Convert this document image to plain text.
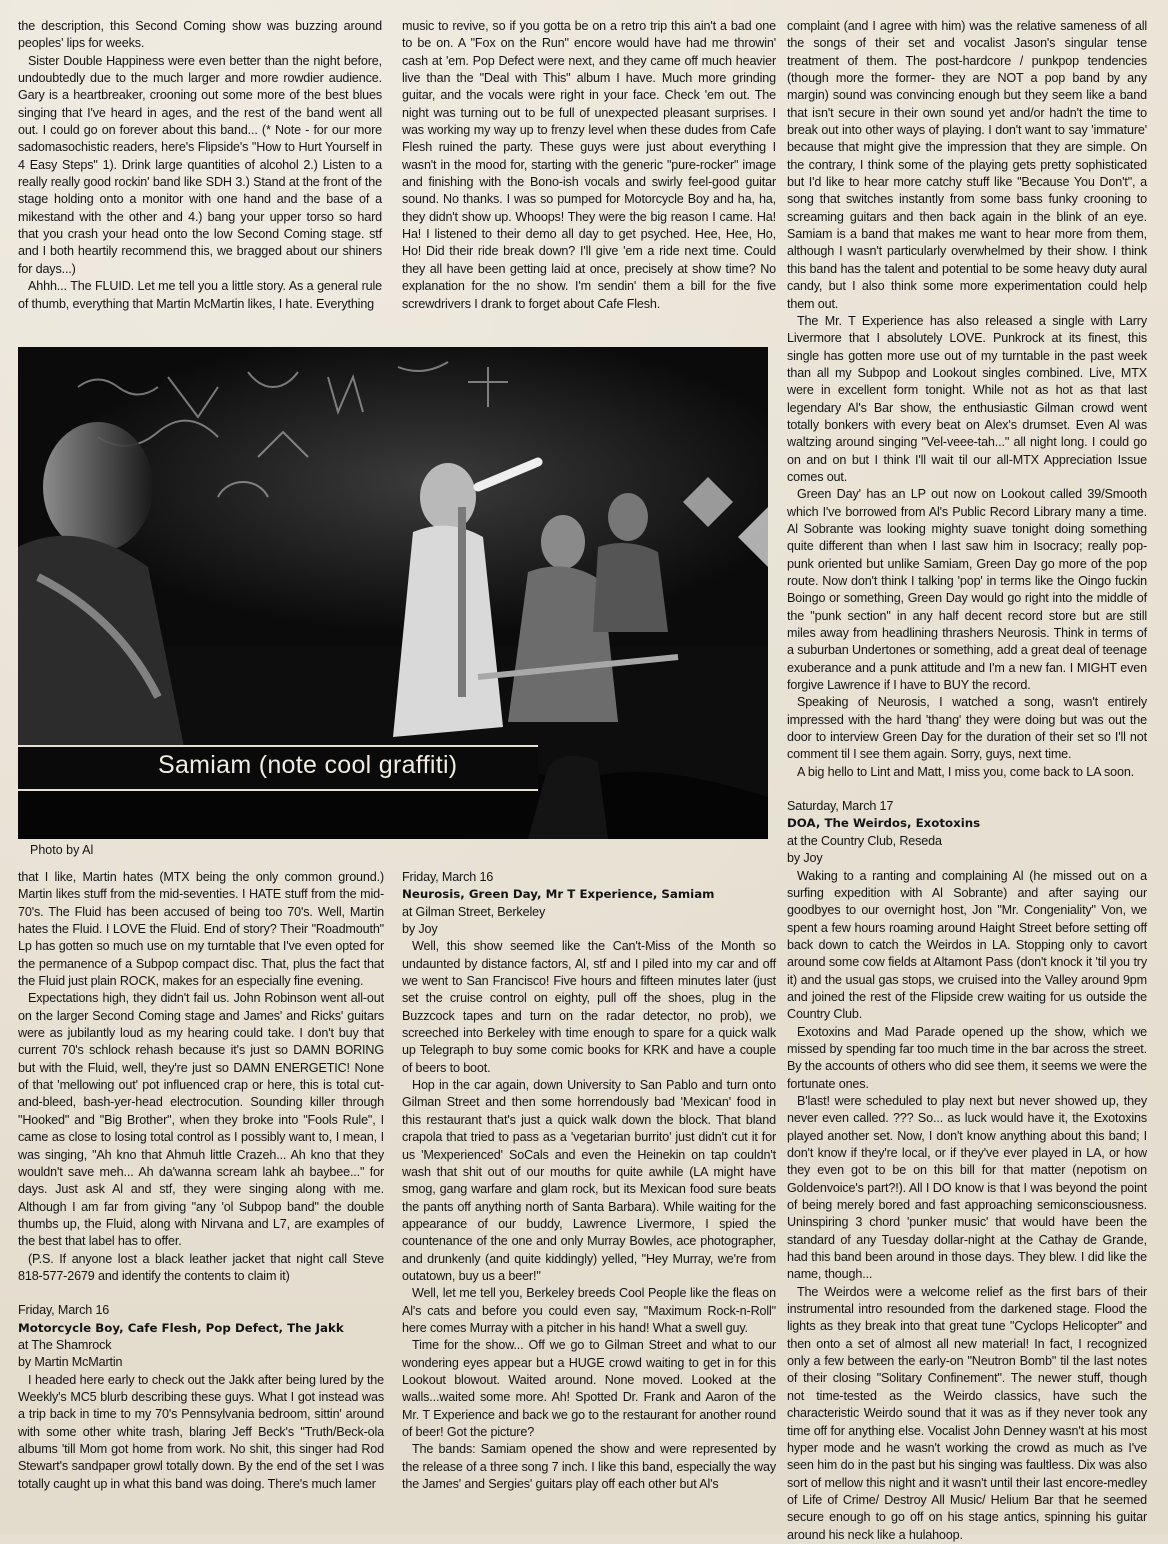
the description, this Second Coming show was buzzing around peoples' lips for weeks.

Sister Double Happiness were even better than the night before, undoubtedly due to the much larger and more rowdier audience. Gary is a heartbreaker, crooning out some more of the best blues singing that I've heard in ages, and the rest of the band went all out. I could go on forever about this band... (* Note - for our more sadomasochistic readers, here's Flipside's "How to Hurt Yourself in 4 Easy Steps" 1). Drink large quantities of alcohol 2.) Listen to a really really good rockin' band like SDH 3.) Stand at the front of the stage holding onto a monitor with one hand and the base of a mikestand with the other and 4.) bang your upper torso so hard that you crash your head onto the low Second Coming stage. stf and I both heartily recommend this, we bragged about our shiners for days...)

Ahhh... The FLUID. Let me tell you a little story. As a general rule of thumb, everything that Martin McMartin likes, I hate. Everything

music to revive, so if you gotta be on a retro trip this ain't a bad one to be on. A "Fox on the Run" encore would have had me throwin' cash at 'em. Pop Defect were next, and they came off much heavier live than the "Deal with This" album I have. Much more grinding guitar, and the vocals were right in your face. Check 'em out. The night was turning out to be full of unexpected pleasant surprises. I was working my way up to frenzy level when these dudes from Cafe Flesh ruined the party. These guys were just about everything I wasn't in the mood for, starting with the generic "pure-rocker" image and finishing with the Bono-ish vocals and swirly feel-good guitar sound. No thanks. I was so pumped for Motorcycle Boy and ha, ha, they didn't show up. Whoops! They were the big reason I came. Ha! Ha! I listened to their demo all day to get psyched. Hee, Hee, Ho, Ho! Did their ride break down? I'll give 'em a ride next time. Could they all have been getting laid at once, precisely at show time? No explanation for the no show. I'm sendin' them a bill for the five screwdrivers I drank to forget about Cafe Flesh.

complaint (and I agree with him) was the relative sameness of all the songs of their set and vocalist Jason's singular tense treatment of them. The post-hardcore / punkpop tendencies (though more the former- they are NOT a pop band by any margin) sound was convincing enough but they seem like a band that isn't secure in their own sound yet and/or hadn't the time to break out into other ways of playing. I don't want to say 'immature' because that might give the impression that they are simple. On the contrary, I think some of the playing gets pretty sophisticated but I'd like to hear more catchy stuff like "Because You Don't", a song that switches instantly from some bass funky crooning to screaming guitars and then back again in the blink of an eye. Samiam is a band that makes me want to hear more from them, although I wasn't particularly overwhelmed by their show. I think this band has the talent and potential to be some heavy duty aural candy, but I also think some more experimentation could help them out.

The Mr. T Experience has also released a single with Larry Livermore that I absolutely LOVE. Punkrock at its finest, this single has gotten more use out of my turntable in the past week than all my Subpop and Lookout singles combined. Live, MTX were in excellent form tonight. While not as hot as that last legendary Al's Bar show, the enthusiastic Gilman crowd went totally bonkers with every beat on Alex's drumset. Even Al was waltzing around singing "Vel-veee-tah..." all night long. I could go on and on but I think I'll wait til our all-MTX Appreciation Issue comes out.

Green Day' has an LP out now on Lookout called 39/Smooth which I've borrowed from Al's Public Record Library many a time. Al Sobrante was looking mighty suave tonight doing something quite different than when I last saw him in Isocracy; really pop-punk oriented but unlike Samiam, Green Day go more of the pop route. Now don't think I talking 'pop' in terms like the Oingo fuckin Boingo or something, Green Day would go right into the middle of the "punk section" in any half decent record store but are still miles away from headlining thrashers Neurosis. Think in terms of a suburban Undertones or something, add a great deal of teenage exuberance and a punk attitude and I'm a new fan. I MIGHT even forgive Lawrence if I have to BUY the record.

Speaking of Neurosis, I watched a song, wasn't entirely impressed with the hard 'thang' they were doing but was out the door to interview Green Day for the duration of their set so I'll not comment til I see them again. Sorry, guys, next time.

A big hello to Lint and Matt, I miss you, come back to LA soon.

Saturday, March 17

DOA, The Weirdos, Exotoxins

at the Country Club, Reseda

by Joy

Waking to a ranting and complaining Al (he missed out on a surfing expedition with Al Sobrante) and after saying our goodbyes to our overnight host, Jon "Mr. Congeniality" Von, we spent a few hours roaming around Haight Street before setting off back down to catch the Weirdos in LA. Stopping only to cavort around some cow fields at Altamont Pass (don't knock it 'til you try it) and the usual gas stops, we cruised into the Valley around 9pm and joined the rest of the Flipside crew waiting for us outside the Country Club.

Exotoxins and Mad Parade opened up the show, which we missed by spending far too much time in the bar across the street. By the accounts of others who did see them, it seems we were the fortunate ones.

B'last! were scheduled to play next but never showed up, they never even called. ??? So... as luck would have it, the Exotoxins played another set. Now, I don't know anything about this band; I don't know if they're local, or if they've ever played in LA, or how they even got to be on this bill for that matter (nepotism on Goldenvoice's part?!). All I DO know is that I was beyond the point of being merely bored and fast approaching semiconsciousness. Uninspiring 3 chord 'punker music' that would have been the standard of any Tuesday dollar-night at the Cathay de Grande, had this band been around in those days. They blew. I did like the name, though...

The Weirdos were a welcome relief as the first bars of their instrumental intro resounded from the darkened stage. Flood the lights as they break into that great tune "Cyclops Helicopter" and then onto a set of almost all new material! In fact, I recognized only a few between the early-on "Neutron Bomb" til the last notes of their closing "Solitary Confinement". The newer stuff, though not time-tested as the Weirdo classics, have such the characteristic Weirdo sound that it was as if they never took any time off for anything else. Vocalist John Denney wasn't at his most hyper mode and he wasn't working the crowd as much as I've seen him do in the past but his singing was faultless. Dix was also sort of mellow this night and it wasn't until their last encore-medley of Life of Crime/ Destroy All Music/ Helium Bar that he seemed secure enough to go off on his stage antics, spinning his guitar around his neck like a hulahoop.

Samiam (note cool graffiti)
Photo by Al

that I like, Martin hates (MTX being the only common ground.) Martin likes stuff from the mid-seventies. I HATE stuff from the mid-70's. The Fluid has been accused of being too 70's. Well, Martin hates the Fluid. I LOVE the Fluid. End of story? Their "Roadmouth" Lp has gotten so much use on my turntable that I've even opted for the permanence of a Subpop compact disc. That, plus the fact that the Fluid just plain ROCK, makes for an especially fine evening.

Expectations high, they didn't fail us. John Robinson went all-out on the larger Second Coming stage and James' and Ricks' guitars were as jubilantly loud as my hearing could take. I don't buy that current 70's schlock rehash because it's just so DAMN BORING but with the Fluid, well, they're just so DAMN ENERGETIC! None of that 'mellowing out' pot influenced crap or here, this is total cut-and-bleed, bash-yer-head electrocution. Sounding killer through "Hooked" and "Big Brother", when they broke into "Fools Rule", I came as close to losing total control as I possibly want to, I mean, I was singing, "Ah kno that Ahmuh little Crazeh... Ah kno that they wouldn't save meh... Ah da'wanna scream lahk ah baybee..." for days. Just ask Al and stf, they were singing along with me. Although I am far from giving "any 'ol Subpop band" the double thumbs up, the Fluid, along with Nirvana and L7, are examples of the best that label has to offer.

(P.S. If anyone lost a black leather jacket that night call Steve 818-577-2679 and identify the contents to claim it)

Friday, March 16

Motorcycle Boy, Cafe Flesh, Pop Defect, The Jakk

at The Shamrock

by Martin McMartin

I headed here early to check out the Jakk after being lured by the Weekly's MC5 blurb describing these guys. What I got instead was a trip back in time to my 70's Pennsylvania bedroom, sittin' around with some other white trash, blaring Jeff Beck's "Truth/Beck-ola albums 'till Mom got home from work. No shit, this singer had Rod Stewart's sandpaper growl totally down. By the end of the set I was totally caught up in what this band was doing. There's much lamer

Friday, March 16

Neurosis, Green Day, Mr T Experience, Samiam

at Gilman Street, Berkeley

by Joy

Well, this show seemed like the Can't-Miss of the Month so undaunted by distance factors, Al, stf and I piled into my car and off we went to San Francisco! Five hours and fifteen minutes later (just set the cruise control on eighty, pull off the shoes, plug in the Buzzcock tapes and turn on the radar detector, no prob), we screeched into Berkeley with time enough to spare for a quick walk up Telegraph to buy some comic books for KRK and have a couple of beers to boot.

Hop in the car again, down University to San Pablo and turn onto Gilman Street and then some horrendously bad 'Mexican' food in this restaurant that's just a quick walk down the block. That bland crapola that tried to pass as a 'vegetarian burrito' just didn't cut it for us 'Mexperienced' SoCals and even the Heinekin on tap couldn't wash that shit out of our mouths for quite awhile (LA might have smog, gang warfare and glam rock, but its Mexican food sure beats the pants off anything north of Santa Barbara). While waiting for the appearance of our buddy, Lawrence Livermore, I spied the countenance of the one and only Murray Bowles, ace photographer, and drunkenly (and quite kiddingly) yelled, "Hey Murray, we're from outatown, buy us a beer!"

Well, let me tell you, Berkeley breeds Cool People like the fleas on Al's cats and before you could even say, "Maximum Rock-n-Roll" here comes Murray with a pitcher in his hand! What a swell guy.

Time for the show... Off we go to Gilman Street and what to our wondering eyes appear but a HUGE crowd waiting to get in for this Lookout blowout. Waited around. None moved. Looked at the walls...waited some more. Ah! Spotted Dr. Frank and Aaron of the Mr. T Experience and back we go to the restaurant for another round of beer! Got the picture?

The bands: Samiam opened the show and were represented by the release of a three song 7 inch. I like this band, especially the way the James' and Sergies' guitars play off each other but Al's
